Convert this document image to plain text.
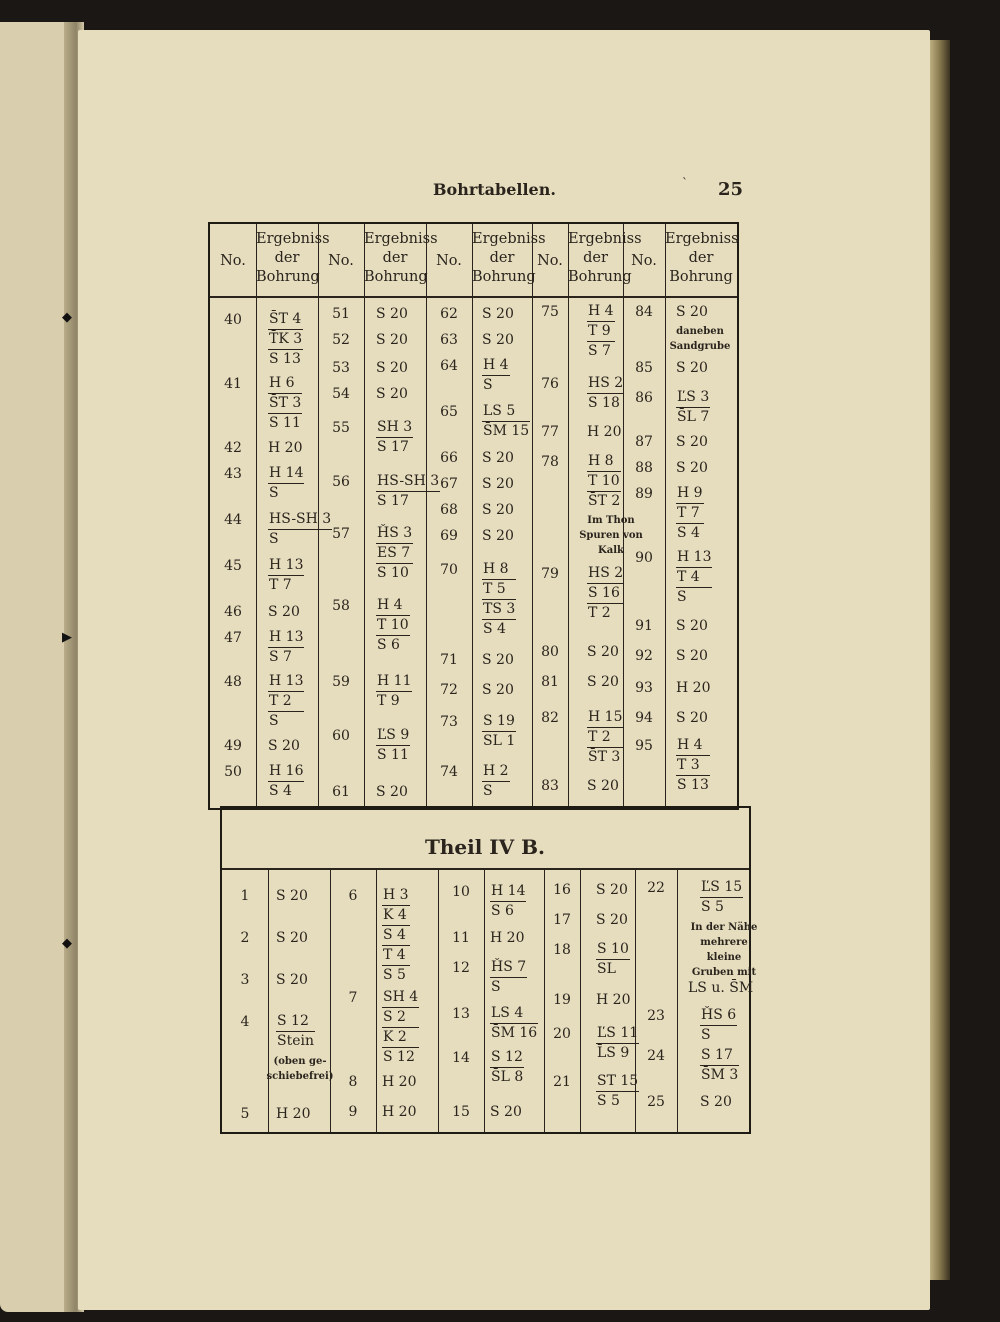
◆
▶
◆
Bohrtabellen.	ˋ 25
No.	No.	No.	No.	No.
Ergebniss
der
Bohrung
Ergebniss
der
Bohrung
Ergebniss
der
Bohrung
Ergebniss
der
Bohrung
Ergebniss
der
Bohrung
40	S̄T 4
T̄K 3
S 13
41	H 6
S̄T 3
S 11
42	H 20
43	H 14
S
44	HS-SH 3
S
45	H 13
T 7
46	S 20
47	H 13
S 7
48	H 13
T 2
S
49	S 20
50	H 16
S 4
51	S 20
52	S 20
53	S 20
54	S 20
55	SH 3
S 17
56	HS-SH 3
S 17
57	ȞS 3
ES 7
S 10
58	H 4
T 10
S 6
59	H 11
T 9
60	ĽS 9
S 11
61	S 20
62	S 20
63	S 20
64	H 4
S
65	LS 5
S̄M 15
66	S 20
67	S 20
68	S 20
69	S 20
70	H 8
T 5
TS 3
S 4
71	S 20
72	S 20
73	S 19
SL 1
74	H 2
S
75	H 4
T 9
S 7
76	HS 2
S 18
77	H 20
78	H 8
T 10
S̄T 2
Im Thon
Spuren von
Kalk
79	HS 2
S 16
T 2
80	S 20
81	S 20
82	H 15
T 2
S̄T 3
83	S 20
84	S 20
daneben
Sandgrube
85	S 20
86	ĽS 3
S̄L 7
87	S 20
88	S 20
89	H 9
T 7
S 4
90	H 13
T 4
S
91	S 20
92	S 20
93	H 20
94	S 20
95	H 4
T 3
S 13
1	S 20
2	S 20
3	S 20
4	S 12
Stein
(oben ge-
schiebefrei)
5	H 20
6	H 3
K 4
S 4
T 4
S 5
7	SH 4
S 2
K 2
S 12
8	H 20
9	H 20
10	H 14
S 6
11	H 20
12	ȞS 7
S
13	LS 4
S̄M 16
14	S 12
S̄L 8
15	S 20
16	S 20
17	S 20
18	S 10
SL
19	H 20
20	ĽS 11
L̄S 9
21	ST 15
S 5
22	ĽS 15
S 5
In der Nähe
mehrere
kleine
Gruben mit
LS u. S̄M
23	ȞS 6
S
24	S 17
S̄M 3
25	S 20
Theil IV B.
